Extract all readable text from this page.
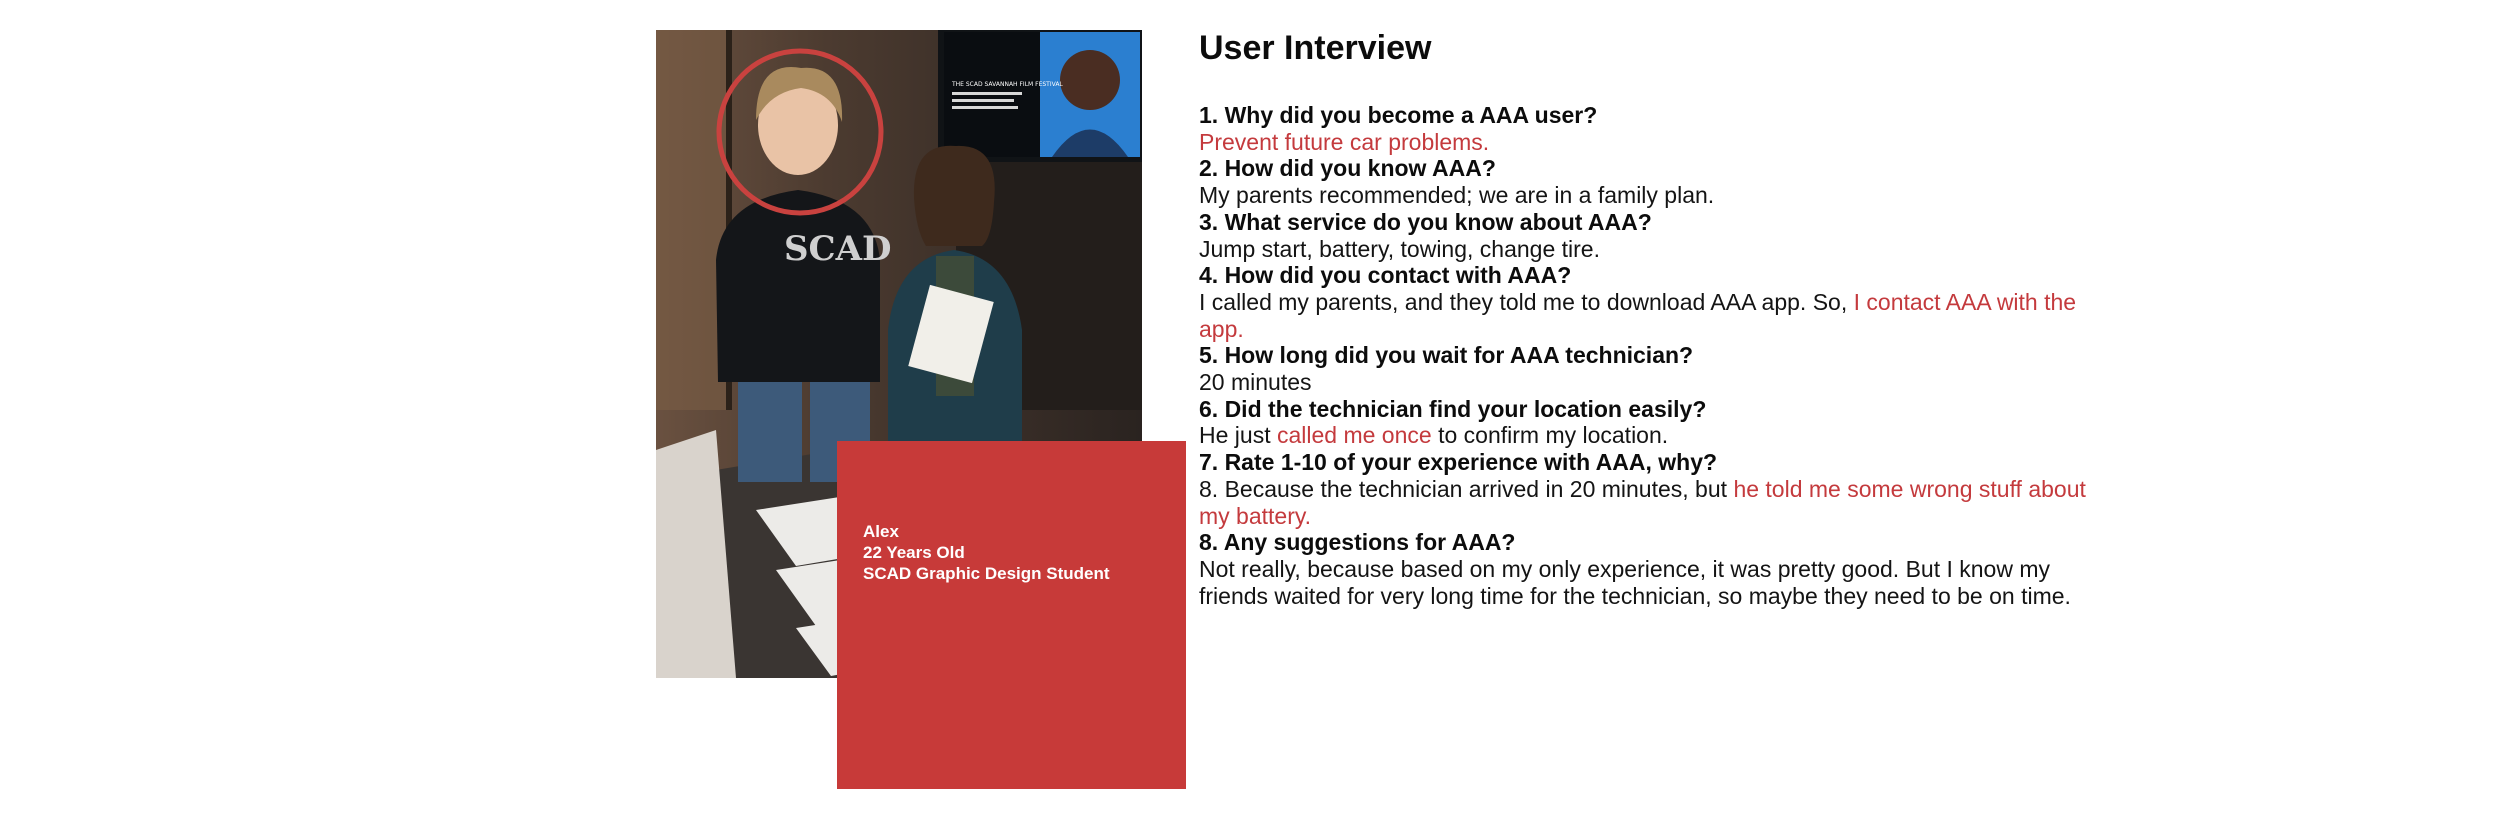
THE SCAD SAVANNAH FILM FESTIVAL
SCAD
Alex
22 Years Old
SCAD Graphic Design Student
User Interview
1. Why did you become a AAA user?
Prevent future car problems.
2. How did you know AAA?
My parents recommended; we are in a family plan.
3. What service do you know about AAA?
Jump start, battery, towing, change tire.
4. How did you contact with AAA?
I called my parents, and they told me to download AAA app. So, I contact AAA with the app.
5. How long did you wait for AAA technician?
20 minutes
6. Did the technician find your location easily?
He just called me once to confirm my location.
7. Rate 1-10 of your experience with AAA, why?
8. Because the technician arrived in 20 minutes, but he told me some wrong stuff about my battery.
8. Any suggestions for AAA?
Not really, because based on my only experience, it was pretty good. But I know my friends waited for very long time for the technician, so maybe they need to be on time.
